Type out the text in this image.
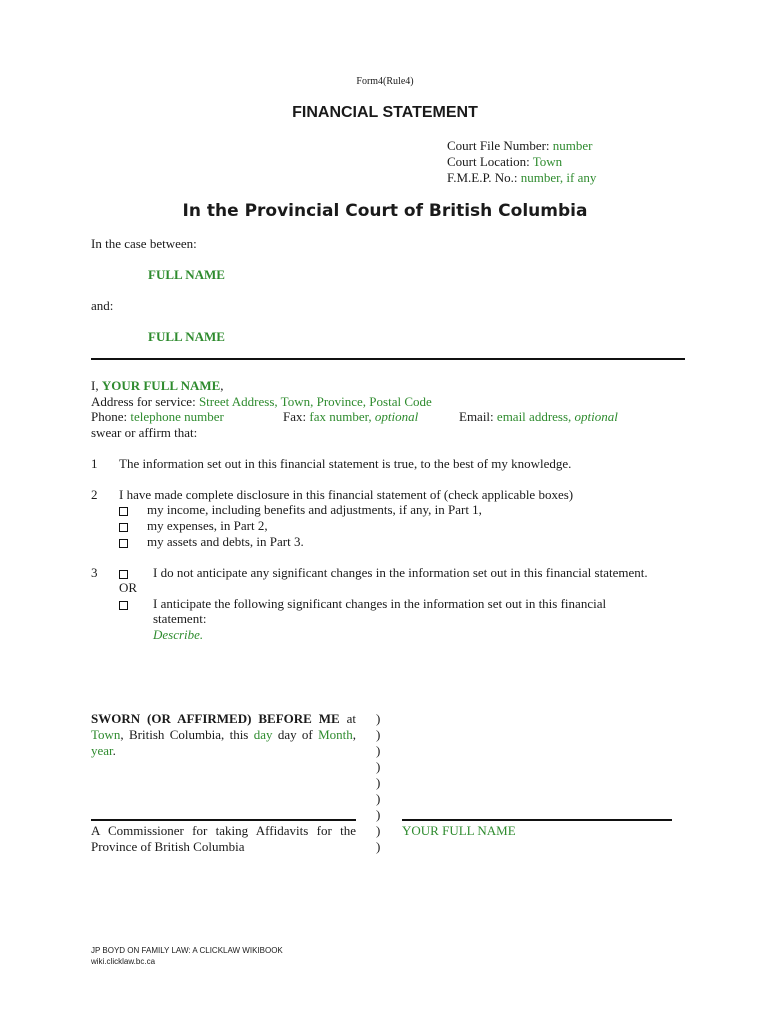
Form4(Rule4)
FINANCIAL STATEMENT
Court File Number: number
Court Location: Town
F.M.E.P. No.: number, if any
In the Provincial Court of British Columbia
In the case between:
FULL NAME
and:
FULL NAME
I, YOUR FULL NAME,
Address for service: Street Address, Town, Province, Postal Code
Phone: telephone number	Fax: fax number, optional	Email: email address, optional
swear or affirm that:
1 The information set out in this financial statement is true, to the best of my knowledge.
2 I have made complete disclosure in this financial statement of (check applicable boxes)
my income, including benefits and adjustments, if any, in Part 1,
my expenses, in Part 2,
my assets and debts, in Part 3.
3	I do not anticipate any significant changes in the information set out in this financial statement.
OR
I anticipate the following significant changes in the information set out in this financial
statement:
Describe.
SWORN (OR AFFIRMED) BEFORE ME at Town, British Columbia, this day day of Month, year.
)
)
)
)
)
)
)
)
)
A Commissioner for taking Affidavits for the
Province of British Columbia
YOUR FULL NAME
JP BOYD ON FAMILY LAW: A CLICKLAW WIKIBOOK
wiki.clicklaw.bc.ca
